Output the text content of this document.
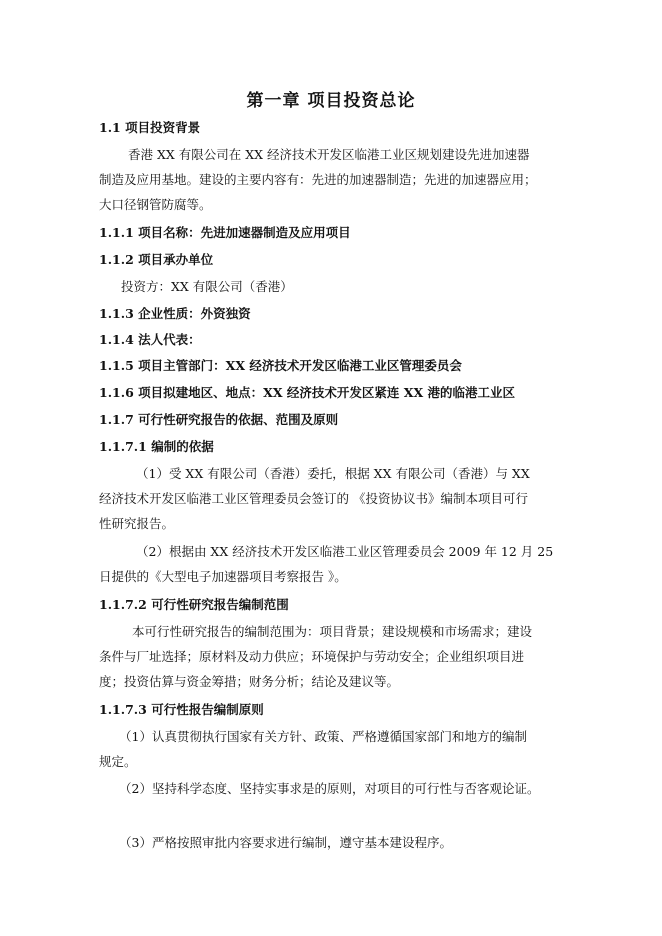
第一章 项目投资总论
1.1 项目投资背景
香港 XX 有限公司在 XX 经济技术开发区临港工业区规划建设先进加速器
制造及应用基地。建设的主要内容有：先进的加速器制造；先进的加速器应用；
大口径钢管防腐等。
1.1.1 项目名称：先进加速器制造及应用项目
1.1.2 项目承办单位
投资方：XX 有限公司（香港）
1.1.3 企业性质：外资独资
1.1.4 法人代表：
1.1.5 项目主管部门：XX 经济技术开发区临港工业区管理委员会
1.1.6 项目拟建地区、地点：XX 经济技术开发区紧连 XX 港的临港工业区
1.1.7 可行性研究报告的依据、范围及原则
1.1.7.1 编制的依据
（1）受 XX 有限公司（香港）委托，根据 XX 有限公司（香港）与 XX
经济技术开发区临港工业区管理委员会签订的 《投资协议书》编制本项目可行
性研究报告。
（2）根据由 XX 经济技术开发区临港工业区管理委员会 2009 年 12 月 25
日提供的《大型电子加速器项目考察报告 》。
1.1.7.2 可行性研究报告编制范围
本可行性研究报告的编制范围为：项目背景；建设规模和市场需求；建设
条件与厂址选择；原材料及动力供应；环境保护与劳动安全；企业组织项目进
度；投资估算与资金筹措；财务分析；结论及建议等。
1.1.7.3 可行性报告编制原则
（1）认真贯彻执行国家有关方针、政策、严格遵循国家部门和地方的编制
规定。
（2）坚持科学态度、坚持实事求是的原则，对项目的可行性与否客观论证。
（3）严格按照审批内容要求进行编制，遵守基本建设程序。
